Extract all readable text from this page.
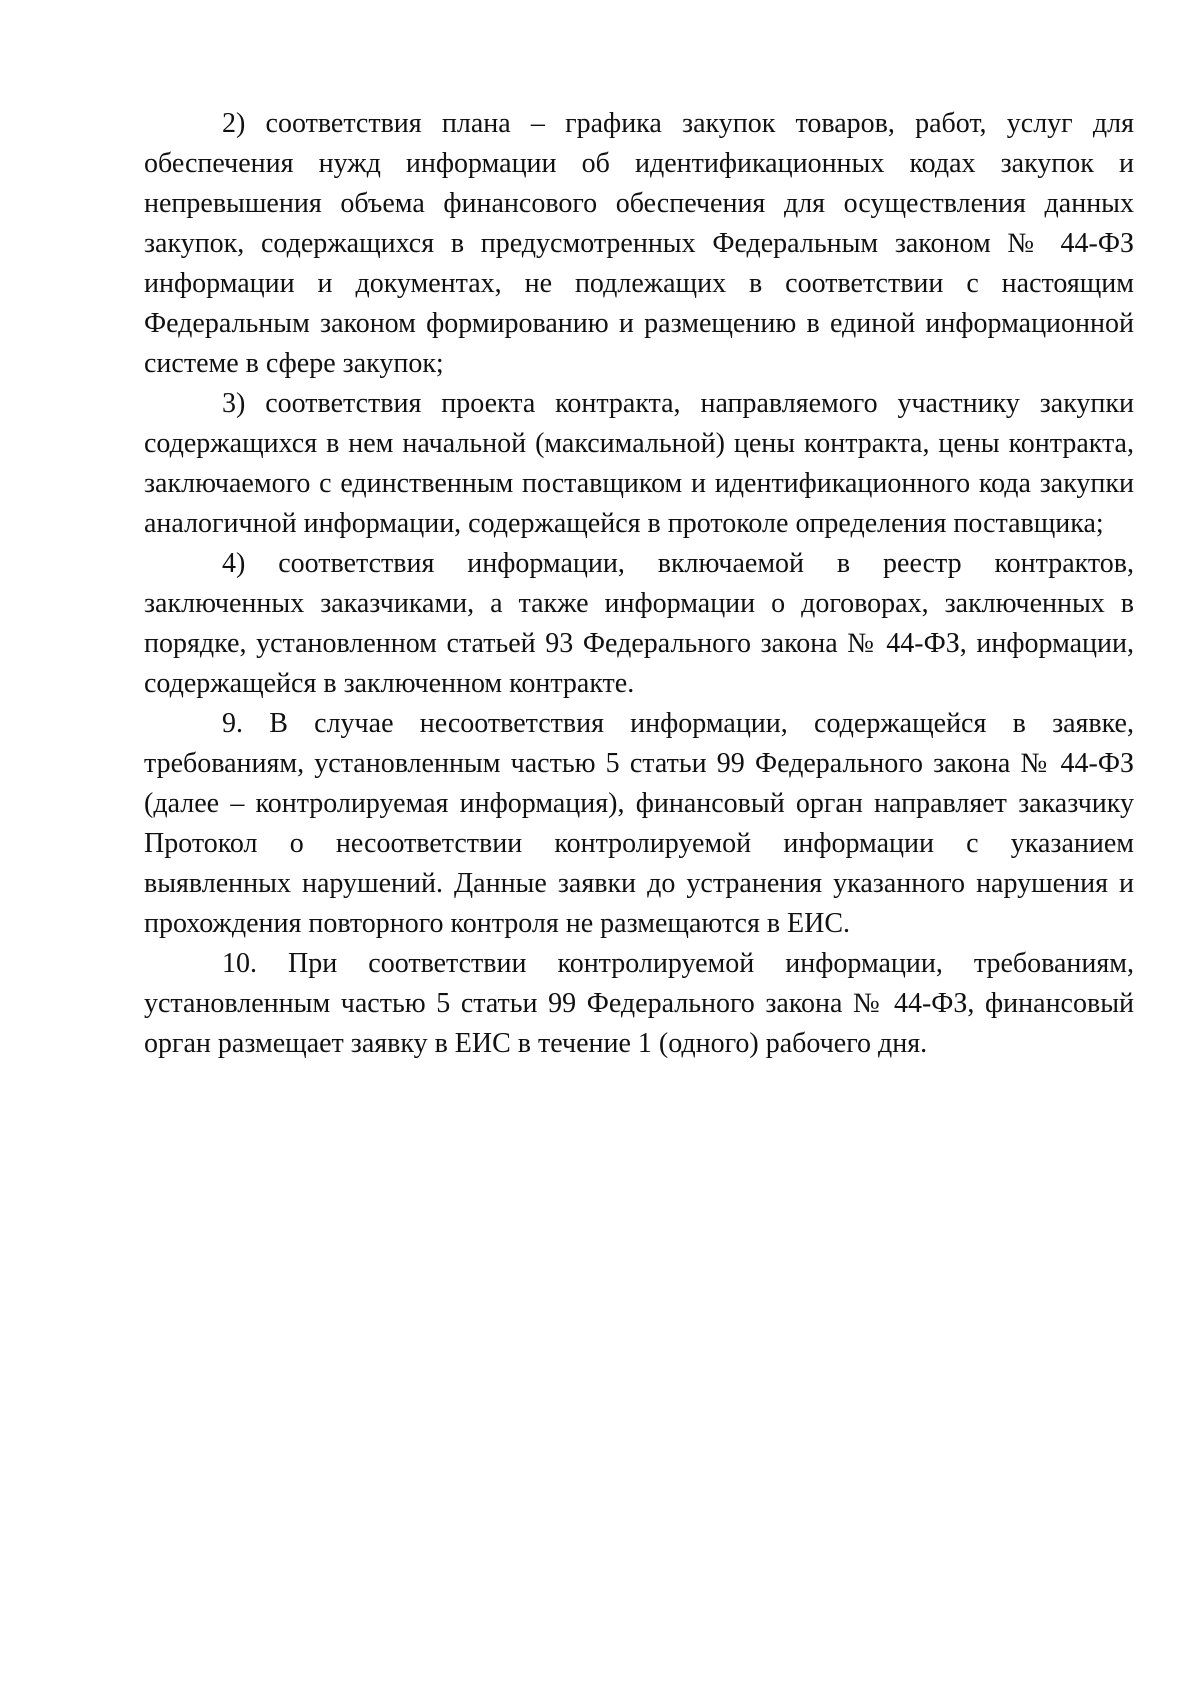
2) соответствия плана – графика закупок товаров, работ, услуг для обеспечения нужд информации об идентификационных кодах закупок и непревышения объема финансового обеспечения для осуществления данных закупок, содержащихся в предусмотренных Федеральным законом № 44-ФЗ информации и документах, не подлежащих в соответствии с настоящим Федеральным законом формированию и размещению в единой информационной системе в сфере закупок;

3) соответствия проекта контракта, направляемого участнику закупки содержащихся в нем начальной (максимальной) цены контракта, цены контракта, заключаемого с единственным поставщиком и идентификационного кода закупки аналогичной информации, содержащейся в протоколе определения поставщика;

4) соответствия информации, включаемой в реестр контрактов, заключенных заказчиками, а также информации о договорах, заключенных в порядке, установленном статьей 93 Федерального закона № 44-ФЗ, информации, содержащейся в заключенном контракте.

9. В случае несоответствия информации, содержащейся в заявке, требованиям, установленным частью 5 статьи 99 Федерального закона № 44-ФЗ (далее – контролируемая информация), финансовый орган направляет заказчику Протокол о несоответствии контролируемой информации с указанием выявленных нарушений. Данные заявки до устранения указанного нарушения и прохождения повторного контроля не размещаются в ЕИС.

10. При соответствии контролируемой информации, требованиям, установленным частью 5 статьи 99 Федерального закона № 44-ФЗ, финансовый орган размещает заявку в ЕИС в течение 1 (одного) рабочего дня.
